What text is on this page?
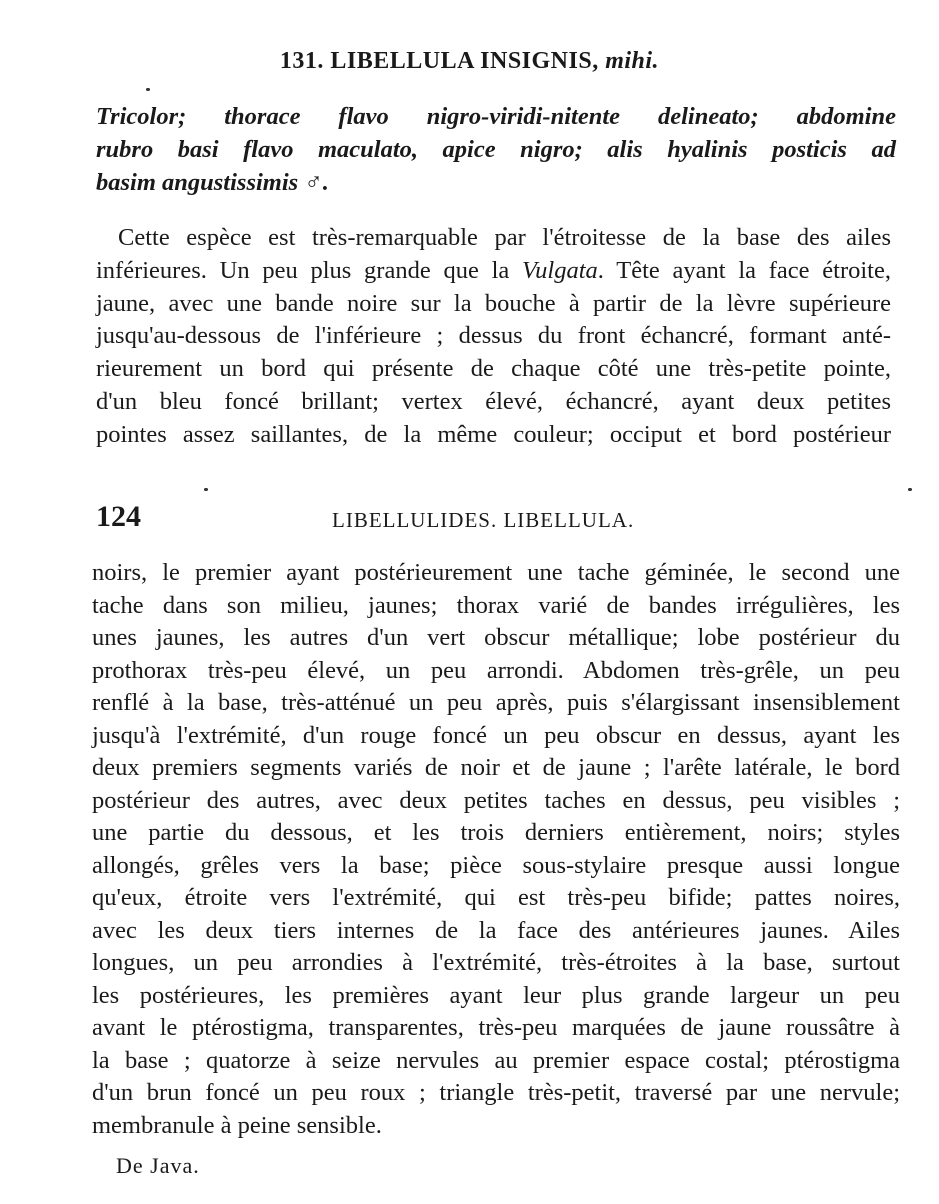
131. LIBELLULA INSIGNIS, mihi.
Tricolor; thorace flavo nigro-viridi-nitente delineato; abdomine
rubro basi flavo maculato, apice nigro; alis hyalinis posticis ad
basim angustissimis ♂.
Cette espèce est très-remarquable par l'étroitesse de la base des ailes
inférieures. Un peu plus grande que la Vulgata. Tête ayant la face étroite,
jaune, avec une bande noire sur la bouche à partir de la lèvre supérieure
jusqu'au-dessous de l'inférieure ; dessus du front échancré, formant anté-
rieurement un bord qui présente de chaque côté une très-petite pointe,
d'un bleu foncé brillant; vertex élevé, échancré, ayant deux petites
pointes assez saillantes, de la même couleur; occiput et bord postérieur
124	LIBELLULIDES. LIBELLULA.
noirs, le premier ayant postérieurement une tache géminée, le second une
tache dans son milieu, jaunes; thorax varié de bandes irrégulières, les
unes jaunes, les autres d'un vert obscur métallique; lobe postérieur du
prothorax très-peu élevé, un peu arrondi. Abdomen très-grêle, un peu
renflé à la base, très-atténué un peu après, puis s'élargissant insensiblement
jusqu'à l'extrémité, d'un rouge foncé un peu obscur en dessus, ayant les
deux premiers segments variés de noir et de jaune ; l'arête latérale, le bord
postérieur des autres, avec deux petites taches en dessus, peu visibles ;
une partie du dessous, et les trois derniers entièrement, noirs; styles
allongés, grêles vers la base; pièce sous-stylaire presque aussi longue
qu'eux, étroite vers l'extrémité, qui est très-peu bifide; pattes noires,
avec les deux tiers internes de la face des antérieures jaunes. Ailes
longues, un peu arrondies à l'extrémité, très-étroites à la base, surtout
les postérieures, les premières ayant leur plus grande largeur un peu
avant le ptérostigma, transparentes, très-peu marquées de jaune roussâtre à
la base ; quatorze à seize nervules au premier espace costal; ptérostigma
d'un brun foncé un peu roux ; triangle très-petit, traversé par une nervule;
membranule à peine sensible.
De Java.
